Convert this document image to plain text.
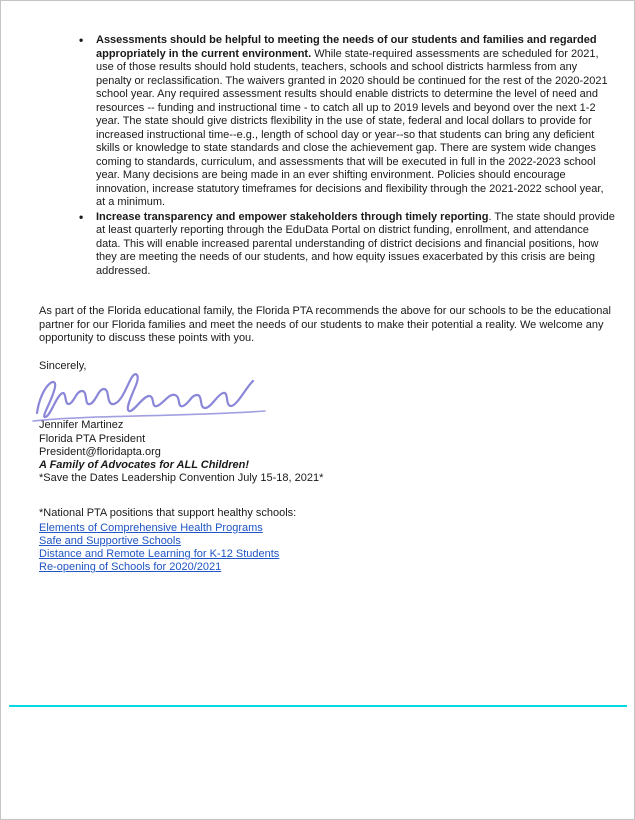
• Assessments should be helpful to meeting the needs of our students and families and regarded appropriately in the current environment. While state-required assessments are scheduled for 2021, use of those results should hold students, teachers, schools and school districts harmless from any penalty or reclassification. The waivers granted in 2020 should be continued for the rest of the 2020-2021 school year. Any required assessment results should enable districts to determine the level of need and resources -- funding and instructional time - to catch all up to 2019 levels and beyond over the next 1-2 year. The state should give districts flexibility in the use of state, federal and local dollars to provide for increased instructional time--e.g., length of school day or year--so that students can bring any deficient skills or knowledge to state standards and close the achievement gap. There are system wide changes coming to standards, curriculum, and assessments that will be executed in full in the 2022-2023 school year. Many decisions are being made in an ever shifting environment. Policies should encourage innovation, increase statutory timeframes for decisions and flexibility through the 2021-2022 school year, at a minimum.
• Increase transparency and empower stakeholders through timely reporting. The state should provide at least quarterly reporting through the EduData Portal on district funding, enrollment, and attendance data. This will enable increased parental understanding of district decisions and financial positions, how they are meeting the needs of our students, and how equity issues exacerbated by this crisis are being addressed.
As part of the Florida educational family, the Florida PTA recommends the above for our schools to be the educational partner for our Florida families and meet the needs of our students to make their potential a reality. We welcome any opportunity to discuss these points with you.
Sincerely,
Jennifer Martinez
Florida PTA President
President@floridapta.org
A Family of Advocates for ALL Children!
*Save the Dates Leadership Convention July 15-18, 2021*
*National PTA positions that support healthy schools:
Elements of Comprehensive Health Programs
Safe and Supportive Schools
Distance and Remote Learning for K-12 Students
Re-opening of Schools for 2020/2021
